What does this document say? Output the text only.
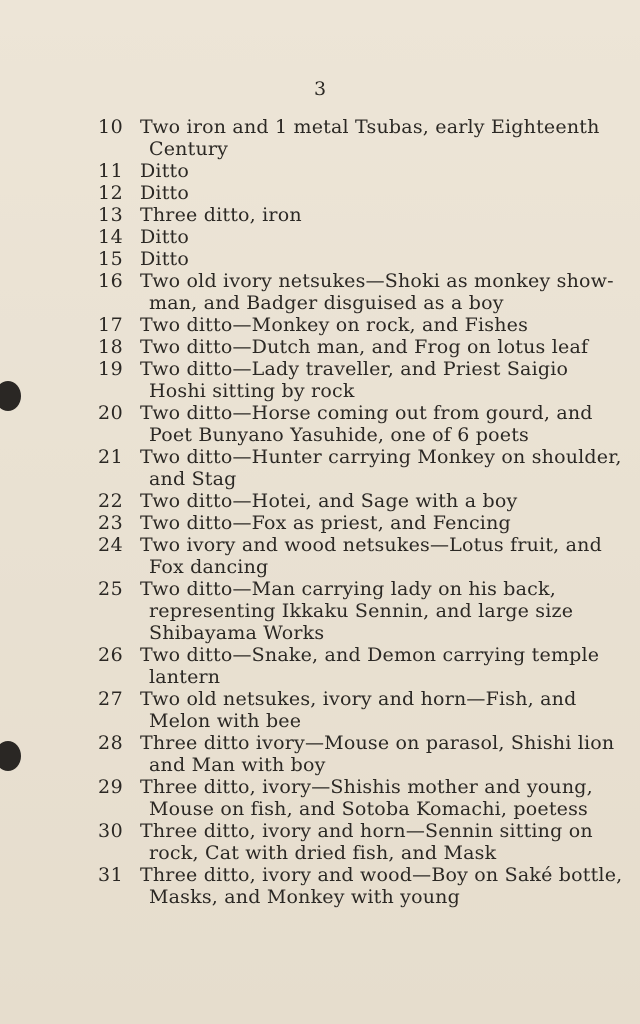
3
10 Two iron and 1 metal Tsubas, early Eighteenth
Century
11 Ditto
12 Ditto
13 Three ditto, iron
14 Ditto
15 Ditto
16 Two old ivory netsukes—Shoki as monkey show-
man, and Badger disguised as a boy
17 Two ditto—Monkey on rock, and Fishes
18 Two ditto—Dutch man, and Frog on lotus leaf
19 Two ditto—Lady traveller, and Priest Saigio
Hoshi sitting by rock
20 Two ditto—Horse coming out from gourd, and
Poet Bunyano Yasuhide, one of 6 poets
21 Two ditto—Hunter carrying Monkey on shoulder,
and Stag
22 Two ditto—Hotei, and Sage with a boy
23 Two ditto—Fox as priest, and Fencing
24 Two ivory and wood netsukes—Lotus fruit, and
Fox dancing
25 Two ditto—Man carrying lady on his back,
representing Ikkaku Sennin, and large size
Shibayama Works
26 Two ditto—Snake, and Demon carrying temple
lantern
27 Two old netsukes, ivory and horn—Fish, and
Melon with bee
28 Three ditto ivory—Mouse on parasol, Shishi lion
and Man with boy
29 Three ditto, ivory—Shishis mother and young,
Mouse on fish, and Sotoba Komachi, poetess
30 Three ditto, ivory and horn—Sennin sitting on
rock, Cat with dried fish, and Mask
31 Three ditto, ivory and wood—Boy on Saké bottle,
Masks, and Monkey with young
